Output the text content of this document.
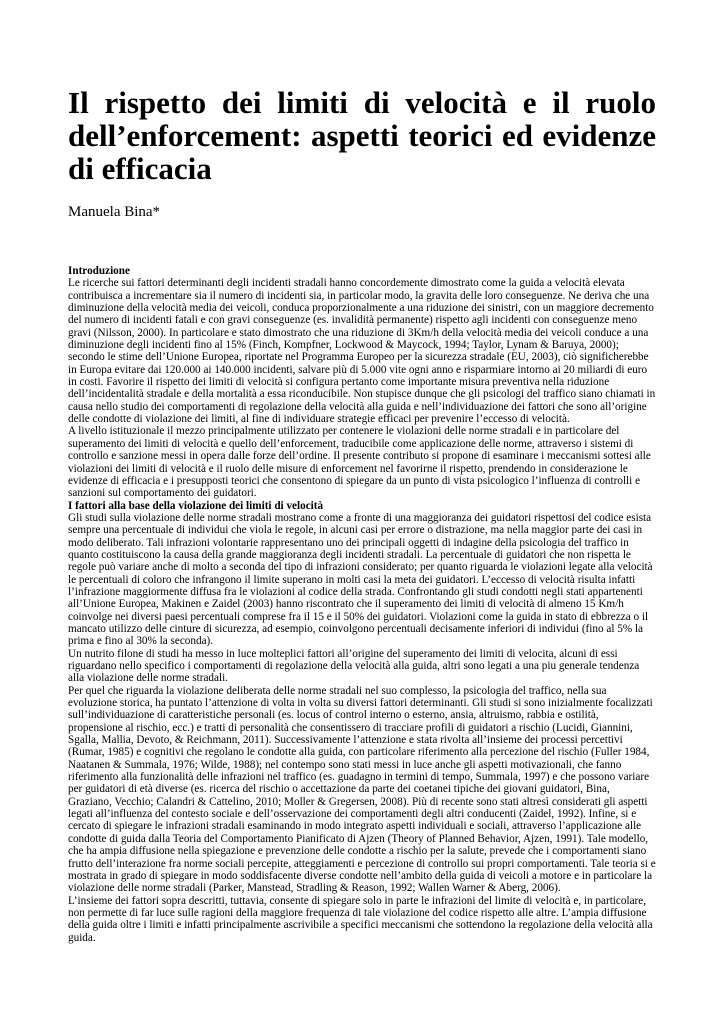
Il rispetto dei limiti di velocità e il ruolo dell’enforcement: aspetti teorici ed evidenze di efficacia
Manuela Bina*
Introduzione

Le ricerche sui fattori determinanti degli incidenti stradali hanno concordemente dimostrato come la guida a velocità elevata contribuisca a incrementare sia il numero di incidenti sia, in particolar modo, la gravita delle loro conseguenze. Ne deriva che una diminuzione della velocità media dei veicoli, conduca proporzionalmente a una riduzione dei sinistri, con un maggiore decremento del numero di incidenti fatali e con gravi conseguenze (es. invalidità permanente) rispetto agli incidenti con conseguenze meno gravi (Nilsson, 2000). In particolare e stato dimostrato che una riduzione di 3Km/h della velocità media dei veicoli conduce a una diminuzione degli incidenti fino al 15% (Finch, Kompfner, Lockwood & Maycock, 1994; Taylor, Lynam & Baruya, 2000); secondo le stime dell’Unione Europea, riportate nel Programma Europeo per la sicurezza stradale (EU, 2003), ciò significherebbe in Europa evitare dai 120.000 ai 140.000 incidenti, salvare più di 5.000 vite ogni anno e risparmiare intorno ai 20 miliardi di euro in costi. Favorire il rispetto dei limiti di velocità si configura pertanto come importante misura preventiva nella riduzione dell’incidentalità stradale e della mortalità a essa riconducibile. Non stupisce dunque che gli psicologi del traffico siano chiamati in causa nello studio dei comportamenti di regolazione della velocità alla guida e nell’individuazione dei fattori che sono all’origine delle condotte di violazione dei limiti, al fine di individuare strategie efficaci per prevenire l’eccesso di velocità.

A livello istituzionale il mezzo principalmente utilizzato per contenere le violazioni delle norme stradali e in particolare del superamento dei limiti di velocità e quello dell’enforcement, traducibile come applicazione delle norme, attraverso i sistemi di controllo e sanzione messi in opera dalle forze dell’ordine. Il presente contributo si propone di esaminare i meccanismi sottesi alle violazioni dei limiti di velocità e il ruolo delle misure di enforcement nel favorirne il rispetto, prendendo in considerazione le evidenze di efficacia e i presupposti teorici che consentono di spiegare da un punto di vista psicologico l’influenza di controlli e sanzioni sul comportamento dei guidatori.

I fattori alla base della violazione dei limiti di velocità

Gli studi sulla violazione delle norme stradali mostrano come a fronte di una maggioranza dei guidatori rispettosi del codice esista sempre una percentuale di individui che viola le regole, in alcuni casi per errore o distrazione, ma nella maggior parte dei casi in modo deliberato. Tali infrazioni volontarie rappresentano uno dei principali oggetti di indagine della psicologia del traffico in quanto costituiscono la causa della grande maggioranza degli incidenti stradali. La percentuale di guidatori che non rispetta le regole può variare anche di molto a seconda del tipo di infrazioni considerato; per quanto riguarda le violazioni legate alla velocità le percentuali di coloro che infrangono il limite superano in molti casi la meta dei guidatori. L’eccesso di velocità risulta infatti l’infrazione maggiormente diffusa fra le violazioni al codice della strada. Confrontando gli studi condotti negli stati appartenenti all’Unione Europea, Makinen e Zaidel (2003) hanno riscontrato che il superamento dei limiti di velocità di almeno 15 Km/h coinvolge nei diversi paesi percentuali comprese fra il 15 e il 50% dei guidatori. Violazioni come la guida in stato di ebbrezza o il mancato utilizzo delle cinture di sicurezza, ad esempio, coinvolgono percentuali decisamente inferiori di individui (fino al 5% la prima e fino al 30% la seconda).

Un nutrito filone di studi ha messo in luce molteplici fattori all’origine del superamento dei limiti di velocita, alcuni di essi riguardano nello specifico i comportamenti di regolazione della velocità alla guida, altri sono legati a una piu generale tendenza alla violazione delle norme stradali.

Per quel che riguarda la violazione deliberata delle norme stradali nel suo complesso, la psicologia del traffico, nella sua evoluzione storica, ha puntato l’attenzione di volta in volta su diversi fattori determinanti. Gli studi si sono inizialmente focalizzati sull’individuazione di caratteristiche personali (es. locus of control interno o esterno, ansia, altruismo, rabbia e ostilità, propensione al rischio, ecc.) e tratti di personalità che consentissero di tracciare profili di guidatori a rischio (Lucidi, Giannini, Sgalla, Mallia, Devoto, & Reichmann, 2011). Successivamente l’attenzione e stata rivolta all’insieme dei processi percettivi (Rumar, 1985) e cognitivi che regolano le condotte alla guida, con particolare riferimento alla percezione del rischio (Fuller 1984, Naatanen & Summala, 1976; Wilde, 1988); nel contempo sono stati messi in luce anche gli aspetti motivazionali, che fanno riferimento alla funzionalità delle infrazioni nel traffico (es. guadagno in termini di tempo, Summala, 1997) e che possono variare per guidatori di età diverse (es. ricerca del rischio o accettazione da parte dei coetanei tipiche dei giovani guidatori, Bina, Graziano, Vecchio; Calandri & Cattelino, 2010; Moller & Gregersen, 2008). Più di recente sono stati altresì considerati gli aspetti legati all’influenza del contesto sociale e dell’osservazione dei comportamenti degli altri conducenti (Zaidel, 1992). Infine, si e cercato di spiegare le infrazioni stradali esaminando in modo integrato aspetti individuali e sociali, attraverso l’applicazione alle condotte di guida dalla Teoria del Comportamento Pianificato di Ajzen (Theory of Planned Behavior, Ajzen, 1991). Tale modello, che ha ampia diffusione nella spiegazione e prevenzione delle condotte a rischio per la salute, prevede che i comportamenti siano frutto dell’interazione fra norme sociali percepite, atteggiamenti e percezione di controllo sui propri comportamenti. Tale teoria si e mostrata in grado di spiegare in modo soddisfacente diverse condotte nell’ambito della guida di veicoli a motore e in particolare la violazione delle norme stradali (Parker, Manstead, Stradling & Reason, 1992; Wallen Warner & Aberg, 2006).

L’insieme dei fattori sopra descritti, tuttavia, consente di spiegare solo in parte le infrazioni del limite di velocità e, in particolare, non permette di far luce sulle ragioni della maggiore frequenza di tale violazione del codice rispetto alle altre. L’ampia diffusione della guida oltre i limiti e infatti principalmente ascrivibile a specifici meccanismi che sottendono la regolazione della velocità alla guida.
